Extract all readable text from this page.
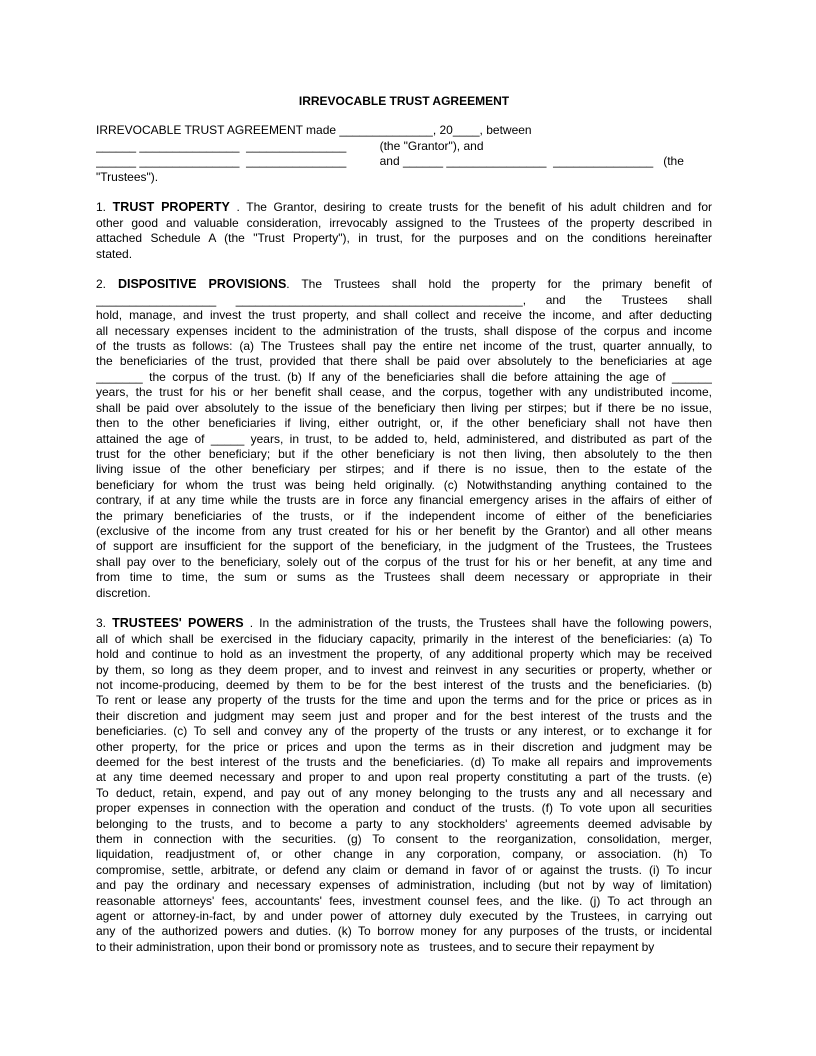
IRREVOCABLE TRUST AGREEMENT
IRREVOCABLE TRUST AGREEMENT made ______________, 20____, between
______ _______________  _______________          (the "Grantor"), and
______ _______________  _______________          and ______ _______________  _______________   (the
"Trustees").
1. TRUST PROPERTY . The Grantor, desiring to create trusts for the benefit of his adult children and for
other good and valuable consideration, irrevocably assigned to the Trustees of the property described in
attached Schedule A (the "Trust Property"), in trust, for the purposes and on the conditions hereinafter
stated.
2. DISPOSITIVE PROVISIONS. The Trustees shall hold the property for the primary benefit of
__________________ ___________________________________________, and the Trustees shall
hold, manage, and invest the trust property, and shall collect and receive the income, and after deducting
all necessary expenses incident to the administration of the trusts, shall dispose of the corpus and income
of the trusts as follows: (a) The Trustees shall pay the entire net income of the trust, quarter annually, to
the beneficiaries of the trust, provided that there shall be paid over absolutely to the beneficiaries at age
_______ the corpus of the trust. (b) If any of the beneficiaries shall die before attaining the age of ______
years, the trust for his or her benefit shall cease, and the corpus, together with any undistributed income,
shall be paid over absolutely to the issue of the beneficiary then living per stirpes; but if there be no issue,
then to the other beneficiaries if living, either outright, or, if the other beneficiary shall not have then
attained the age of _____ years, in trust, to be added to, held, administered, and distributed as part of the
trust for the other beneficiary; but if the other beneficiary is not then living, then absolutely to the then
living issue of the other beneficiary per stirpes; and if there is no issue, then to the estate of the
beneficiary for whom the trust was being held originally. (c) Notwithstanding anything contained to the
contrary, if at any time while the trusts are in force any financial emergency arises in the affairs of either of
the primary beneficiaries of the trusts, or if the independent income of either of the beneficiaries
(exclusive of the income from any trust created for his or her benefit by the Grantor) and all other means
of support are insufficient for the support of the beneficiary, in the judgment of the Trustees, the Trustees
shall pay over to the beneficiary, solely out of the corpus of the trust for his or her benefit, at any time and
from time to time, the sum or sums as the Trustees shall deem necessary or appropriate in their
discretion.
3. TRUSTEES' POWERS . In the administration of the trusts, the Trustees shall have the following powers,
all of which shall be exercised in the fiduciary capacity, primarily in the interest of the beneficiaries: (a) To
hold and continue to hold as an investment the property, of any additional property which may be received
by them, so long as they deem proper, and to invest and reinvest in any securities or property, whether or
not income-producing, deemed by them to be for the best interest of the trusts and the beneficiaries. (b)
To rent or lease any property of the trusts for the time and upon the terms and for the price or prices as in
their discretion and judgment may seem just and proper and for the best interest of the trusts and the
beneficiaries. (c) To sell and convey any of the property of the trusts or any interest, or to exchange it for
other property, for the price or prices and upon the terms as in their discretion and judgment may be
deemed for the best interest of the trusts and the beneficiaries. (d) To make all repairs and improvements
at any time deemed necessary and proper to and upon real property constituting a part of the trusts. (e)
To deduct, retain, expend, and pay out of any money belonging to the trusts any and all necessary and
proper expenses in connection with the operation and conduct of the trusts. (f) To vote upon all securities
belonging to the trusts, and to become a party to any stockholders' agreements deemed advisable by
them in connection with the securities. (g) To consent to the reorganization, consolidation, merger,
liquidation, readjustment of, or other change in any corporation, company, or association. (h) To
compromise, settle, arbitrate, or defend any claim or demand in favor of or against the trusts. (i) To incur
and pay the ordinary and necessary expenses of administration, including (but not by way of limitation)
reasonable attorneys' fees, accountants' fees, investment counsel fees, and the like. (j) To act through an
agent or attorney-in-fact, by and under power of attorney duly executed by the Trustees, in carrying out
any of the authorized powers and duties. (k) To borrow money for any purposes of the trusts, or incidental
to their administration, upon their bond or promissory note as   trustees, and to secure their repayment by
